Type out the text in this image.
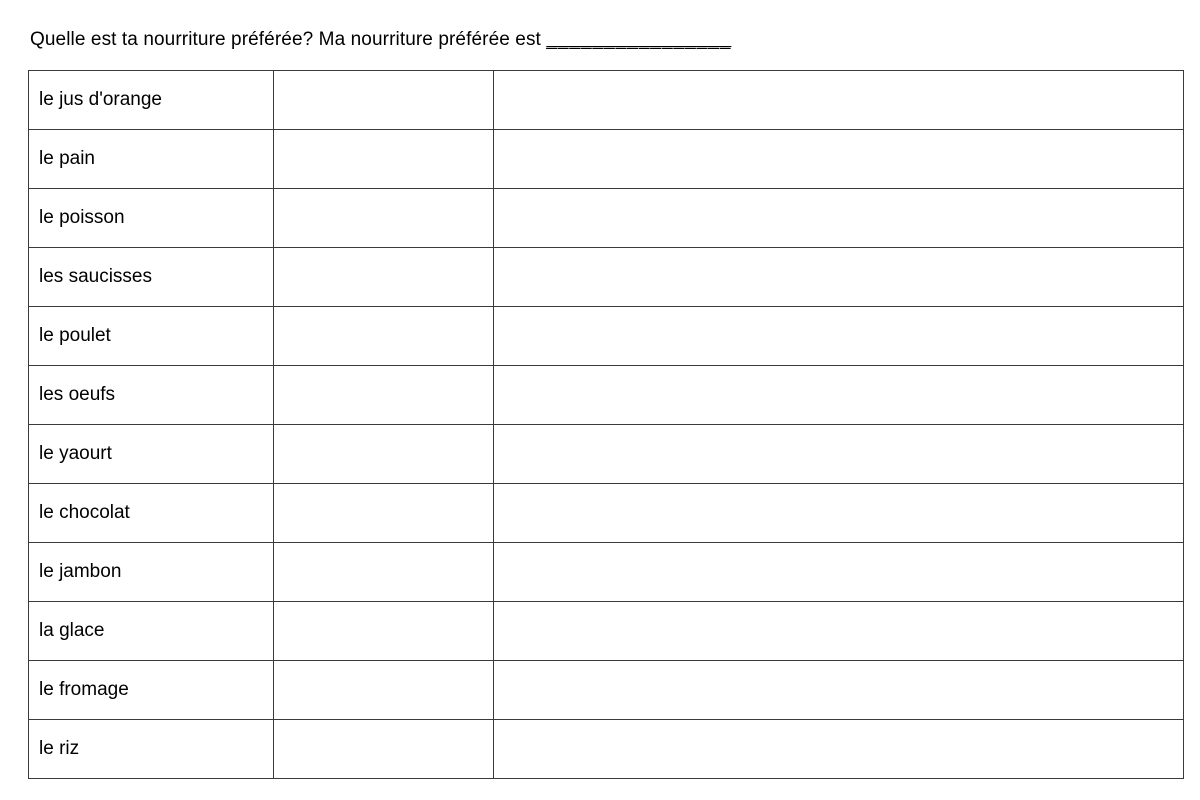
Quelle est ta nourriture préférée? Ma nourriture préférée est ________________
le jus d'orange		
le pain		
le poisson		
les saucisses		
le poulet		
les oeufs		
le yaourt		
le chocolat		
le jambon		
la glace		
le fromage		
le riz		
